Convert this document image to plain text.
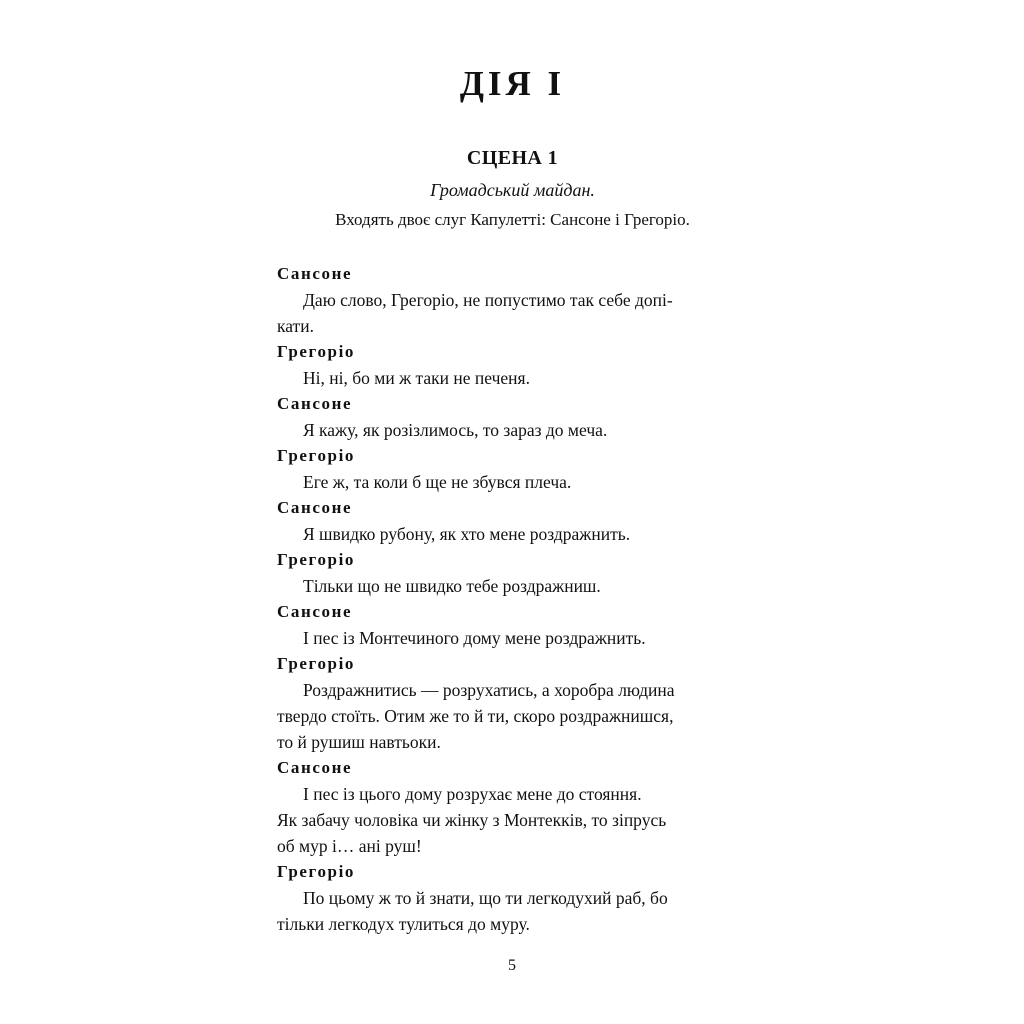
ДІЯ I
СЦЕНА 1

Громадський майдан.

Входять двоє слуг Капулетті: Сансоне і Грегоріо.

Сансоне

Даю слово, Грегоріо, не попустимо так себе допі-
кати.

Грегоріо

Ні, ні, бо ми ж таки не печеня.

Сансоне

Я кажу, як розізлимось, то зараз до меча.

Грегоріо

Еге ж, та коли б ще не збувся плеча.

Сансоне

Я швидко рубону, як хто мене роздражнить.

Грегоріо

Тільки що не швидко тебе роздражниш.

Сансоне

І пес із Монтечиного дому мене роздражнить.

Грегоріо

Роздражнитись — розрухатись, а хоробра людина
твердо стоїть. Отим же то й ти, скоро роздражнишся,
то й рушиш навтьоки.

Сансоне

І пес із цього дому розрухає мене до стояння.
Як забачу чоловіка чи жінку з Монтекків, то зіпрусь
об мур і… ані руш!

Грегоріо

По цьому ж то й знати, що ти легкодухий раб, бо
тільки легкодух тулиться до муру.

5
